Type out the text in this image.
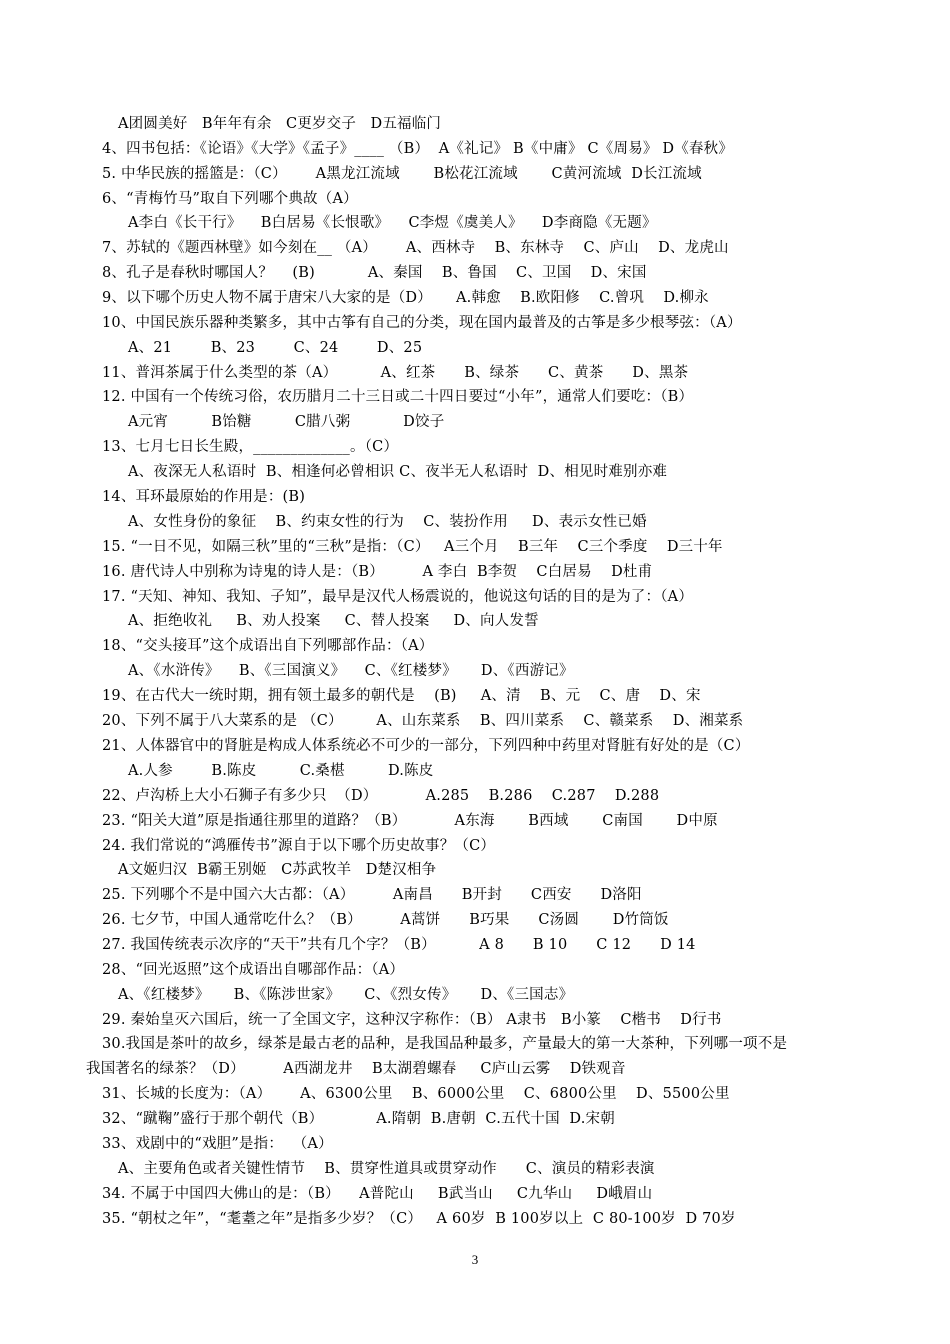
A团圆美好   B年年有余   C更岁交子   D五福临门
4、四书包括：《论语》《大学》《孟子》____ （B）  A《礼记》 B《中庸》 C《周易》 D《春秋》
5. 中华民族的摇篮是：（C）      A黑龙江流域       B松花江流域       C黄河流域  D长江流域
6、“青梅竹马”取自下列哪个典故（A）
A李白《长干行》    B白居易《长恨歌》    C李煜《虞美人》    D李商隐《无题》
7、苏轼的《题西林壁》如今刻在__ （A）      A、西林寺    B、东林寺    C、庐山    D、龙虎山
8、孔子是春秋时哪国人？    (B)           A、秦国    B、鲁国    C、卫国    D、宋国
9、以下哪个历史人物不属于唐宋八大家的是（D）     A.韩愈    B.欧阳修    C.曾巩    D.柳永
10、中国民族乐器种类繁多，其中古筝有自己的分类，现在国内最普及的古筝是多少根琴弦：（A）
A、21        B、23        C、24        D、25
11、普洱茶属于什么类型的茶（A）         A、红茶      B、绿茶      C、黄茶      D、黑茶
12. 中国有一个传统习俗，农历腊月二十三日或二十四日要过“小年”，通常人们要吃：（B）
A元宵         B饴糖         C腊八粥           D饺子
13、七月七日长生殿，_____________。（C）
A、夜深无人私语时  B、相逢何必曾相识 C、夜半无人私语时  D、相见时难别亦难
14、耳环最原始的作用是：(B)
A、女性身份的象征    B、约束女性的行为    C、装扮作用     D、表示女性已婚
15. “一日不见，如隔三秋”里的“三秋”是指：（C）   A三个月    B三年    C三个季度    D三十年
16. 唐代诗人中别称为诗鬼的诗人是：（B）        A 李白  B李贺    C白居易    D杜甫
17. “天知、神知、我知、子知”，最早是汉代人杨震说的，他说这句话的目的是为了：（A）
A、拒绝收礼     B、劝人投案     C、替人投案     D、向人发誓
18、“交头接耳”这个成语出自下列哪部作品：（A）
A、《水浒传》    B、《三国演义》    C、《红楼梦》     D、《西游记》
19、在古代大一统时期，拥有领土最多的朝代是    (B)     A、清    B、元    C、唐    D、宋
20、下列不属于八大菜系的是 （C）       A、山东菜系    B、四川菜系    C、赣菜系    D、湘菜系
21、人体器官中的肾脏是构成人体系统必不可少的一部分，下列四种中药里对肾脏有好处的是（C）
A.人参        B.陈皮         C.桑椹         D.陈皮
22、卢沟桥上大小石狮子有多少只  （D）          A.285    B.286    C.287    D.288
23. “阳关大道”原是指通往那里的道路？（B）          A东海       B西域       C南国       D中原
24. 我们常说的“鸿雁传书”源自于以下哪个历史故事？（C）
A文姬归汉  B霸王别姬   C苏武牧羊   D楚汉相争
25. 下列哪个不是中国六大古都：（A）        A南昌      B开封      C西安      D洛阳
26. 七夕节，中国人通常吃什么？（B）        A蒿饼      B巧果      C汤圆       D竹筒饭
27. 我国传统表示次序的“天干”共有几个字？（B）         A 8      B 10      C 12      D 14
28、“回光返照”这个成语出自哪部作品：（A）
A、《红楼梦》     B、《陈涉世家》     C、《烈女传》     D、《三国志》
29. 秦始皇灭六国后，统一了全国文字，这种汉字称作：（B） A隶书   B小篆    C楷书    D行书
30.我国是茶叶的故乡，绿茶是最古老的品种，是我国品种最多，产量最大的第一大茶种，下列哪一项不是
我国著名的绿茶？（D）        A西湖龙井    B太湖碧螺春     C庐山云雾    D铁观音
31、长城的长度为：（A）      A、6300公里    B、6000公里    C、6800公里    D、5500公里
32、“蹴鞠”盛行于那个朝代（B）           A.隋朝  B.唐朝  C.五代十国  D.宋朝
33、戏剧中的“戏胆”是指：  （A）
A、主要角色或者关键性情节    B、贯穿性道具或贯穿动作      C、演员的精彩表演
34. 不属于中国四大佛山的是：（B）    A普陀山     B武当山     C九华山     D峨眉山
35. “朝杖之年”，“耄耋之年”是指多少岁？（C）   A 60岁  B 100岁以上  C 80-100岁  D 70岁
3
